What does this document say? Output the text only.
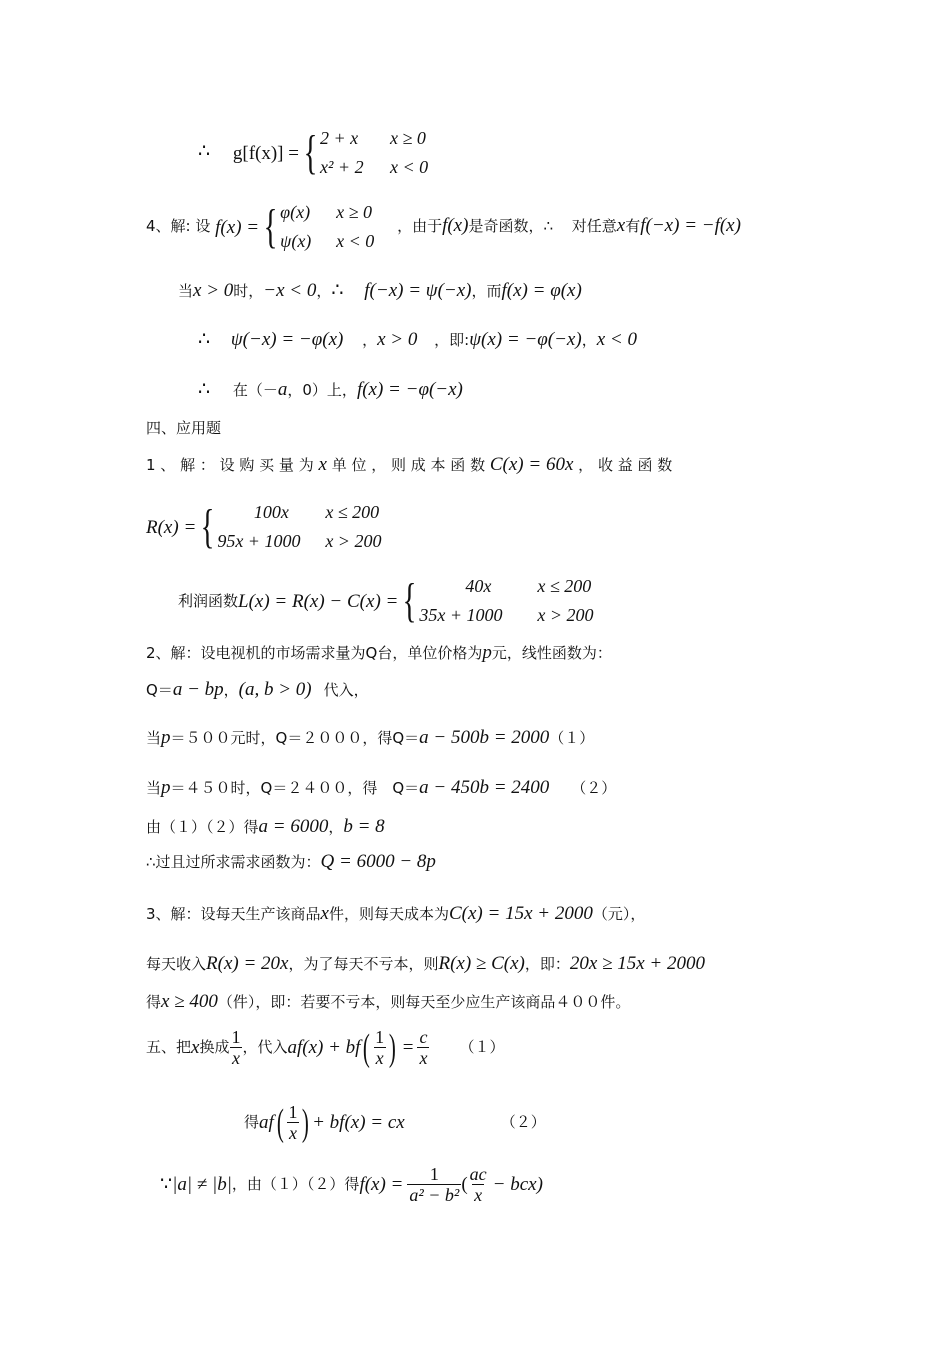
∴ g[f(x)] = { 2 + x	x ≥ 0
x² + 2	x < 0
4、解: 设 f(x) = { φ(x)	x ≥ 0
ψ(x)	x < 0
，由于f(x)是奇函数，∴ 对任意x有f(−x) = −f(x)
当x > 0时，−x < 0，∴ f(−x) = ψ(−x)，而f(x) = φ(x)
∴ ψ(−x) = −φ(x) ，x > 0 ，即:ψ(x) = −φ(−x)，x < 0
∴ 在（－a，0）上，f(x) = −φ(−x)
四、应用题
1 、 解 ： 设 购 买 量 为 x 单 位 ， 则 成 本 函 数 C(x) = 60x ， 收 益 函 数
R(x) = {	100x	x ≤ 200
95x + 1000	x > 200
利润函数 L(x) = R(x) − C(x) = {	40x	x ≤ 200
35x + 1000	x > 200
2、解：设电视机的市场需求量为Q台，单位价格为p元，线性函数为：
Q＝a − bp，(a, b > 0) 代入，
当p＝５００元时，Q＝２０００，得Q＝a − 500b = 2000（１）
当p＝４５０时，Q＝２４００，得　Q＝a − 450b = 2400 （２）
由（１）（２）得a = 6000，b = 8
∴过且过所求需求函数为：Q = 6000 − 8p
3、解：设每天生产该商品x件，则每天成本为C(x) = 15x + 2000（元），
每天收入R(x) = 20x，为了每天不亏本，则R(x) ≥ C(x)，即：20x ≥ 15x + 2000
得x ≥ 400（件），即：若要不亏本，则每天至少应生产该商品４００件。
五、把 x 换成 $\frac{1}{x}$ ，代入 af(x) + bf ( $\frac{1}{x}$ ) = $\frac{c}{x} (1)$
得 af ( $\frac{1}{x}$ ) + bf(x) = cx	（２）
∵ |a| ≠ |b| ，由（１）（２）得 $f(x) = \frac{1}{\text{a² − b²}}$ ( $\frac{ac}{x} - bcx$)
